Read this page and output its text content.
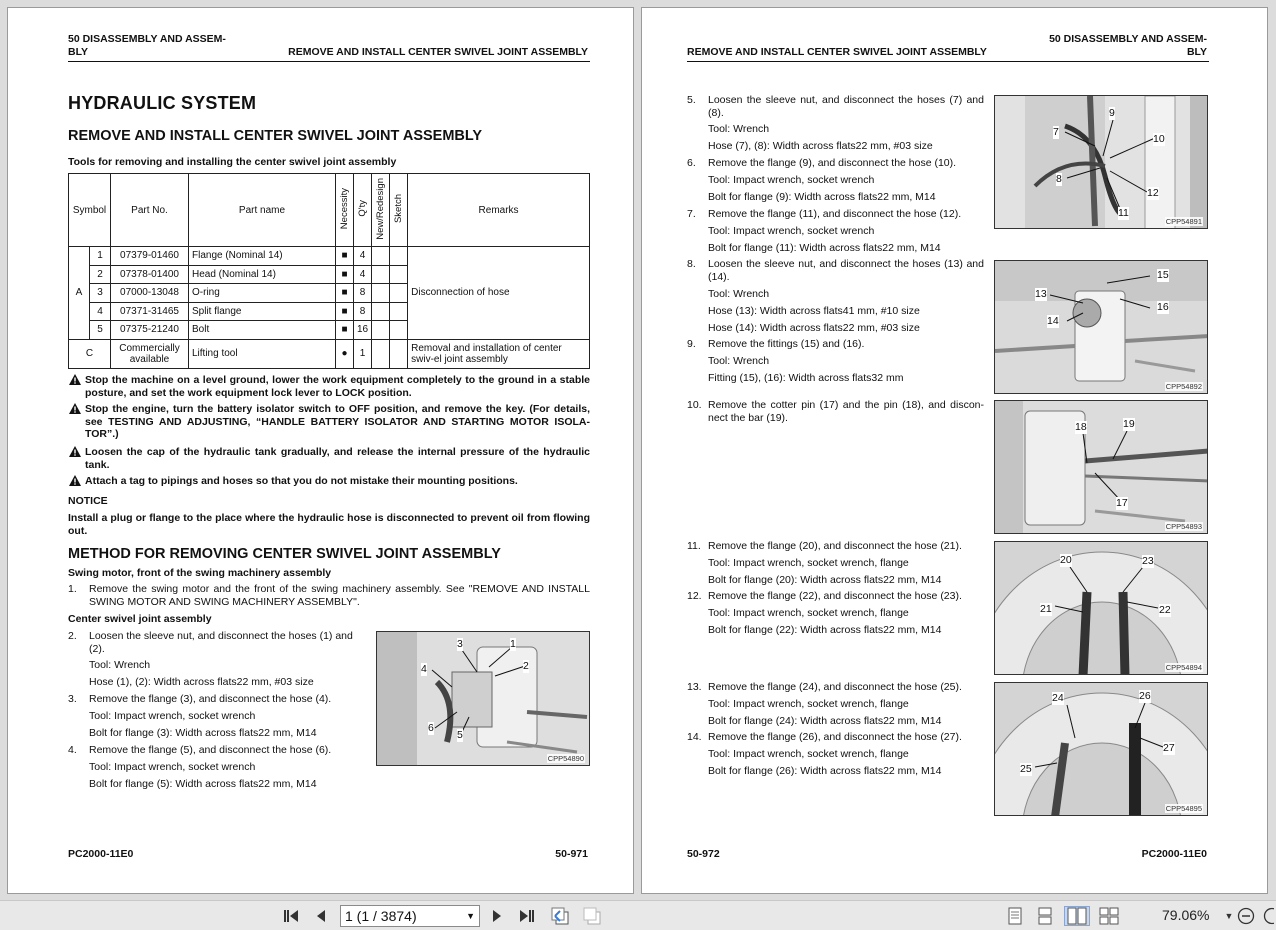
50 DISASSEMBLY AND ASSEM-
BLY	REMOVE AND INSTALL CENTER SWIVEL JOINT ASSEMBLY
HYDRAULIC SYSTEM
REMOVE AND INSTALL CENTER SWIVEL JOINT ASSEMBLY
Tools for removing and installing the center swivel joint assembly
Symbol		Part No.	Part name	Necessity	Q'ty	New/Redesign	Sketch	Remarks
A	1	07379-01460	Flange (Nominal 14)	■	4			Disconnection of hose
	2	07378-01400	Head (Nominal 14)	■	4			
	3	07000-13048	O-ring	■	8			
	4	07371-31465	Split flange	■	8			
	5	07375-21240	Bolt	■	16			
C		Commercially available	Lifting tool	●	1			Removal and installation of center swiv-el joint assembly
Stop the machine on a level ground, lower the work equipment completely to the ground in a stable posture, and set the work equipment lock lever to LOCK position.
Stop the engine, turn the battery isolator switch to OFF position, and remove the key. (For details, see TESTING AND ADJUSTING, “HANDLE BATTERY ISOLATOR AND STARTING MOTOR ISOLA-TOR”.)
Loosen the cap of the hydraulic tank gradually, and release the internal pressure of the hydraulic tank.
Attach a tag to pipings and hoses so that you do not mistake their mounting positions.
NOTICE
Install a plug or flange to the place where the hydraulic hose is disconnected to prevent oil from flowing out.
METHOD FOR REMOVING CENTER SWIVEL JOINT ASSEMBLY
Swing motor, front of the swing machinery assembly
1. Remove the swing motor and the front of the swing machinery assembly. See "REMOVE AND INSTALL SWING MOTOR AND SWING MACHINERY ASSEMBLY".
Center swivel joint assembly
2. Loosen the sleeve nut, and disconnect the hoses (1) and (2).
Tool: Wrench
Hose (1), (2): Width across flats22 mm, #03 size
3. Remove the flange (3), and disconnect the hose (4).
Tool: Impact wrench, socket wrench
Bolt for flange (3): Width across flats22 mm, M14
4. Remove the flange (5), and disconnect the hose (6).
Tool: Impact wrench, socket wrench
Bolt for flange (5): Width across flats22 mm, M14
3	1
2
4
6
5
CPP54890
PC2000-11E0	50-971
REMOVE AND INSTALL CENTER SWIVEL JOINT ASSEMBLY
50 DISASSEMBLY AND ASSEM-
BLY
5. Loosen the sleeve nut, and disconnect the hoses (7) and (8).
Tool: Wrench
Hose (7), (8): Width across flats22 mm, #03 size
6. Remove the flange (9), and disconnect the hose (10).
Tool: Impact wrench, socket wrench
Bolt for flange (9): Width across flats22 mm, M14
7. Remove the flange (11), and disconnect the hose (12).
Tool: Impact wrench, socket wrench
Bolt for flange (11): Width across flats22 mm, M14
8. Loosen the sleeve nut, and disconnect the hoses (13) and (14).
Tool: Wrench
Hose (13): Width across flats41 mm, #10 size
Hose (14): Width across flats22 mm, #03 size
9. Remove the fittings (15) and (16).
Tool: Wrench
Fitting (15), (16): Width across flats32 mm
10. Remove the cotter pin (17) and the pin (18), and discon-nect the bar (19).
11. Remove the flange (20), and disconnect the hose (21).
Tool: Impact wrench, socket wrench, flange
Bolt for flange (20): Width across flats22 mm, M14
12. Remove the flange (22), and disconnect the hose (23).
Tool: Impact wrench, socket wrench, flange
Bolt for flange (22): Width across flats22 mm, M14
13. Remove the flange (24), and disconnect the hose (25).
Tool: Impact wrench, socket wrench, flange
Bolt for flange (24): Width across flats22 mm, M14
14. Remove the flange (26), and disconnect the hose (27).
Tool: Impact wrench, socket wrench, flange
Bolt for flange (26): Width across flats22 mm, M14
9
7
10
8
12
11
CPP54891
15
13
16
14
CPP54892
18	19
17
CPP54893
20	23
21	22
CPP54894
24	26
27
25
CPP54895
50-972	PC2000-11E0
1 (1 / 3874)	▼	79.06%	▼
